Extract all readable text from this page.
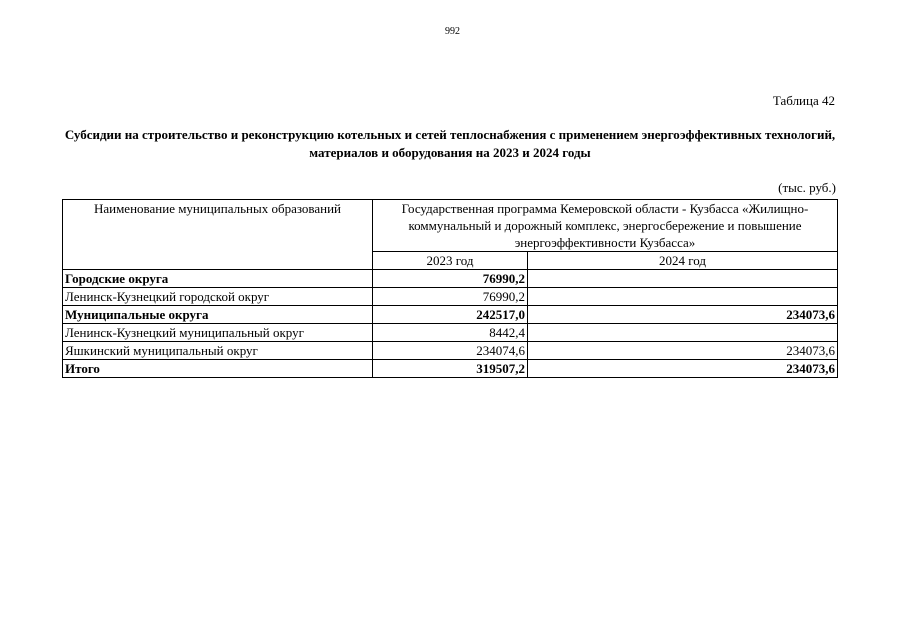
992
Таблица 42
Субсидии на строительство и реконструкцию котельных и сетей теплоснабжения с применением энергоэффективных технологий, материалов и оборудования на 2023 и 2024 годы
(тыс. руб.)
Наименование муниципальных образований	Государственная программа Кемеровской области - Кузбасса «Жилищно-коммунальный и дорожный комплекс, энергосбережение и повышение энергоэффективности Кузбасса»	
	2023 год	2024 год
Городские округа	76990,2	
Ленинск-Кузнецкий городской округ	76990,2	
Муниципальные округа	242517,0	234073,6
Ленинск-Кузнецкий муниципальный округ	8442,4	
Яшкинский муниципальный округ	234074,6	234073,6
Итого	319507,2	234073,6
